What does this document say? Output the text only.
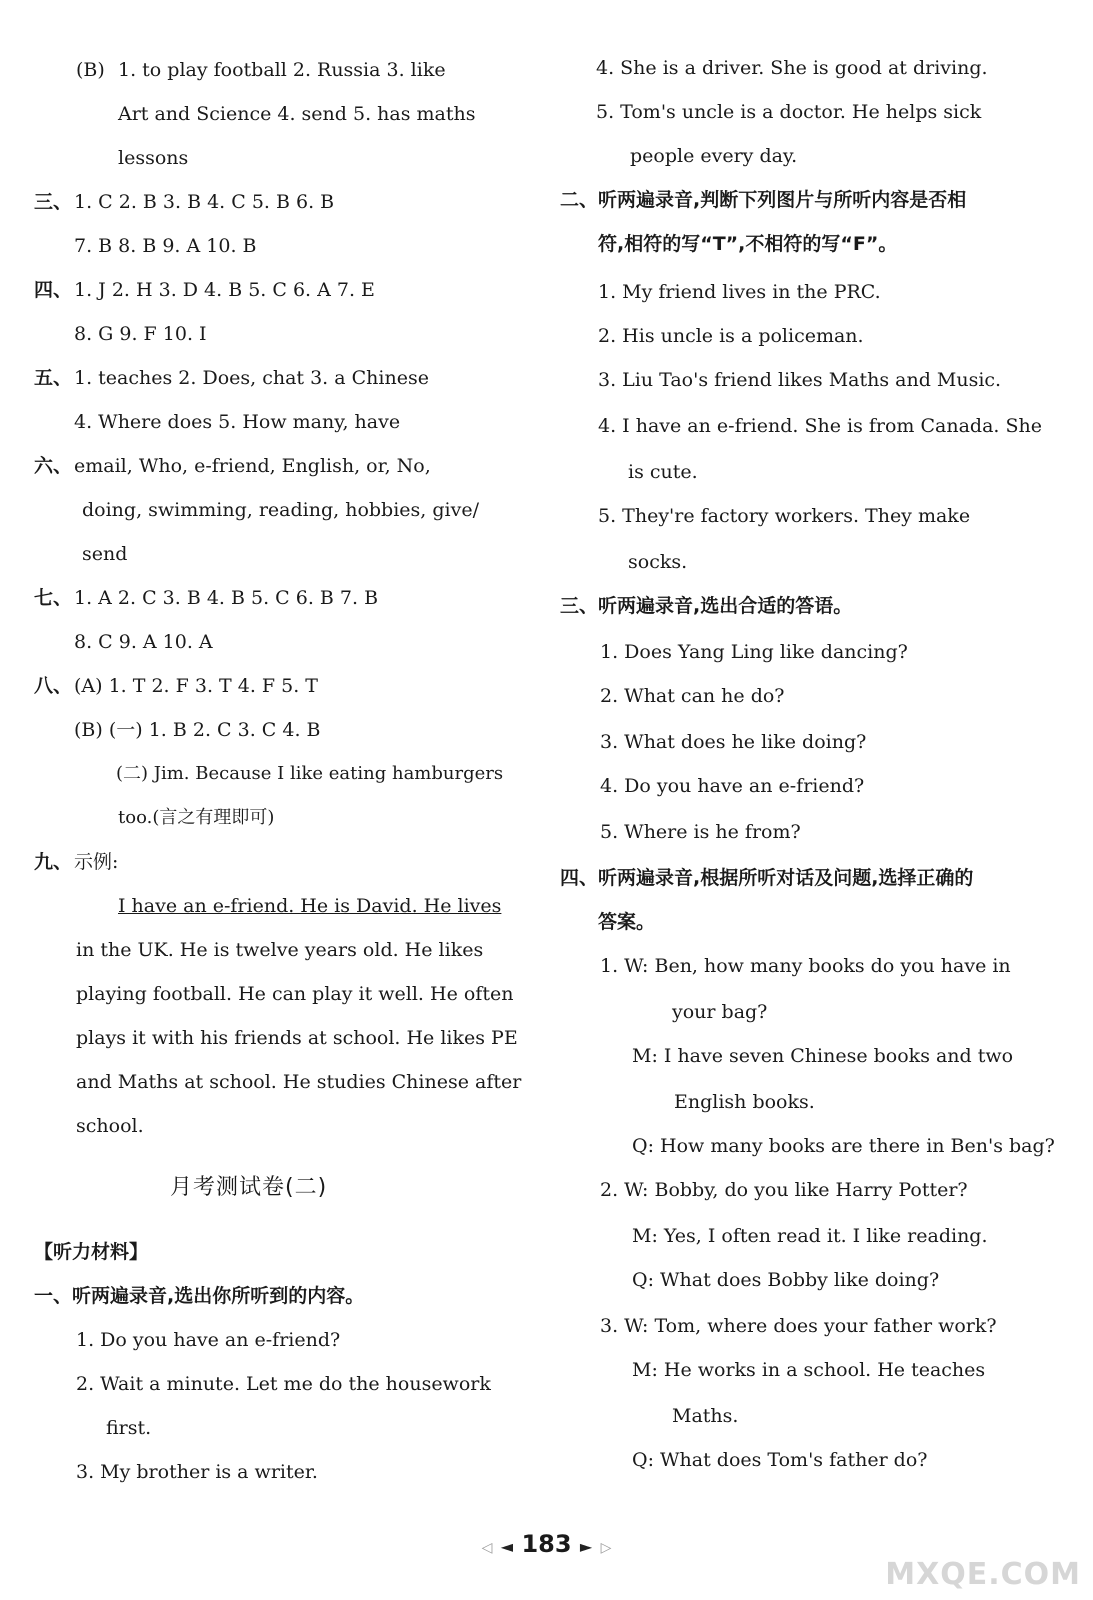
(B) 1. to play football 2. Russia 3. like
Art and Science 4. send 5. has maths
lessons
三、 1. C 2. B 3. B 4. C 5. B 6. B
7. B 8. B 9. A 10. B
四、 1. J 2. H 3. D 4. B 5. C 6. A 7. E
8. G 9. F 10. I
五、 1. teaches 2. Does, chat 3. a Chinese
4. Where does 5. How many, have
六、 email, Who, e-friend, English, or, No,
doing, swimming, reading, hobbies, give/
send
七、 1. A 2. C 3. B 4. B 5. C 6. B 7. B
8. C 9. A 10. A
八、 (A) 1. T 2. F 3. T 4. F 5. T
(B) (一) 1. B 2. C 3. C 4. B
(二) Jim. Because I like eating hamburgers
too.(言之有理即可)
九、 示例:
I have an e-friend. He is David. He lives
in the UK. He is twelve years old. He likes
playing football. He can play it well. He often
plays it with his friends at school. He likes PE
and Maths at school. He studies Chinese after
school.
【听力材料】
一、听两遍录音,选出你所听到的内容。
1. Do you have an e-friend?
2. Wait a minute. Let me do the housework
first.
3. My brother is a writer.
月考测试卷(二)
4. She is a driver. She is good at driving.
5. Tom's uncle is a doctor. He helps sick
people every day.
二、听两遍录音,判断下列图片与所听内容是否相
符,相符的写“T”,不相符的写“F”。
1. My friend lives in the PRC.
2. His uncle is a policeman.
3. Liu Tao's friend likes Maths and Music.
4. I have an e-friend. She is from Canada. She
is cute.
5. They're factory workers. They make
socks.
三、听两遍录音,选出合适的答语。
1. Does Yang Ling like dancing?
2. What can he do?
3. What does he like doing?
4. Do you have an e-friend?
5. Where is he from?
四、听两遍录音,根据所听对话及问题,选择正确的
答案。
1. W: Ben, how many books do you have in
your bag?
M: I have seven Chinese books and two
English books.
Q: How many books are there in Ben's bag?
2. W: Bobby, do you like Harry Potter?
M: Yes, I often read it. I like reading.
Q: What does Bobby like doing?
3. W: Tom, where does your father work?
M: He works in a school. He teaches
Maths.
Q: What does Tom's father do?
◁ ◄ 183 ► ▷
MXQE.COM
